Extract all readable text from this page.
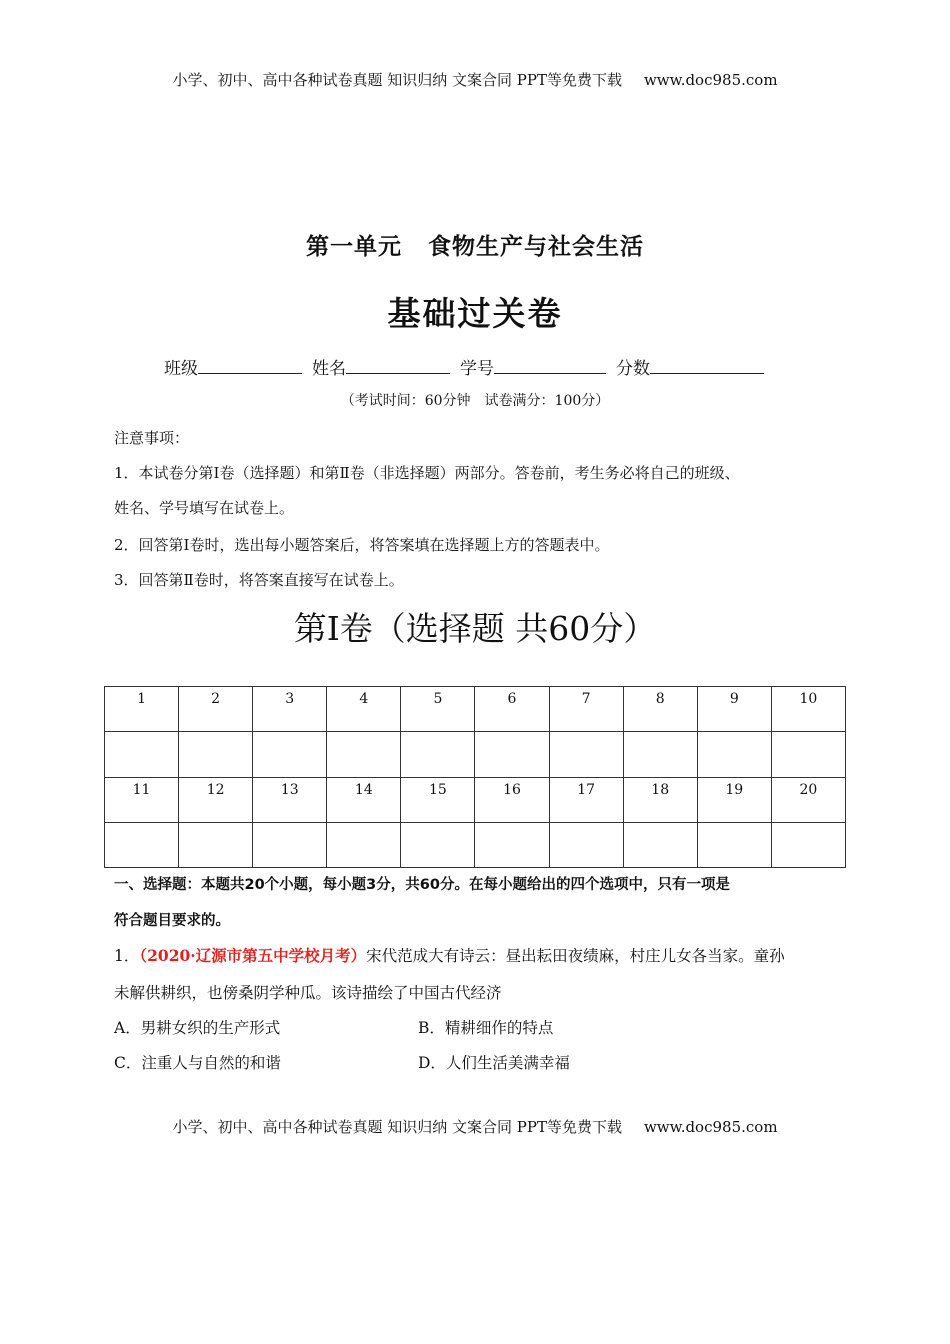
小学、初中、高中各种试卷真题 知识归纳 文案合同 PPT等免费下载 www.doc985.com
第一单元 食物生产与社会生活
基础过关卷
班级	姓名	学号	分数
（考试时间：60分钟　试卷满分：100分）
注意事项：
1．本试卷分第Ⅰ卷（选择题）和第Ⅱ卷（非选择题）两部分。答卷前，考生务必将自己的班级、
姓名、学号填写在试卷上。
2．回答第Ⅰ卷时，选出每小题答案后，将答案填在选择题上方的答题表中。
3．回答第Ⅱ卷时，将答案直接写在试卷上。
第Ⅰ卷（选择题 共60分）
1	2	3	4	5	6	7	8	9	10

11	12	13	14	15	16	17	18	19	20

一、选择题：本题共20个小题，每小题3分，共60分。在每小题给出的四个选项中，只有一项是
符合题目要求的。
1．（2020·辽源市第五中学校月考）宋代范成大有诗云：昼出耘田夜绩麻，村庄儿女各当家。童孙
未解供耕织，也傍桑阴学种瓜。该诗描绘了中国古代经济
A．男耕女织的生产形式	B．精耕细作的特点
C．注重人与自然的和谐	D．人们生活美满幸福
小学、初中、高中各种试卷真题 知识归纳 文案合同 PPT等免费下载 www.doc985.com
